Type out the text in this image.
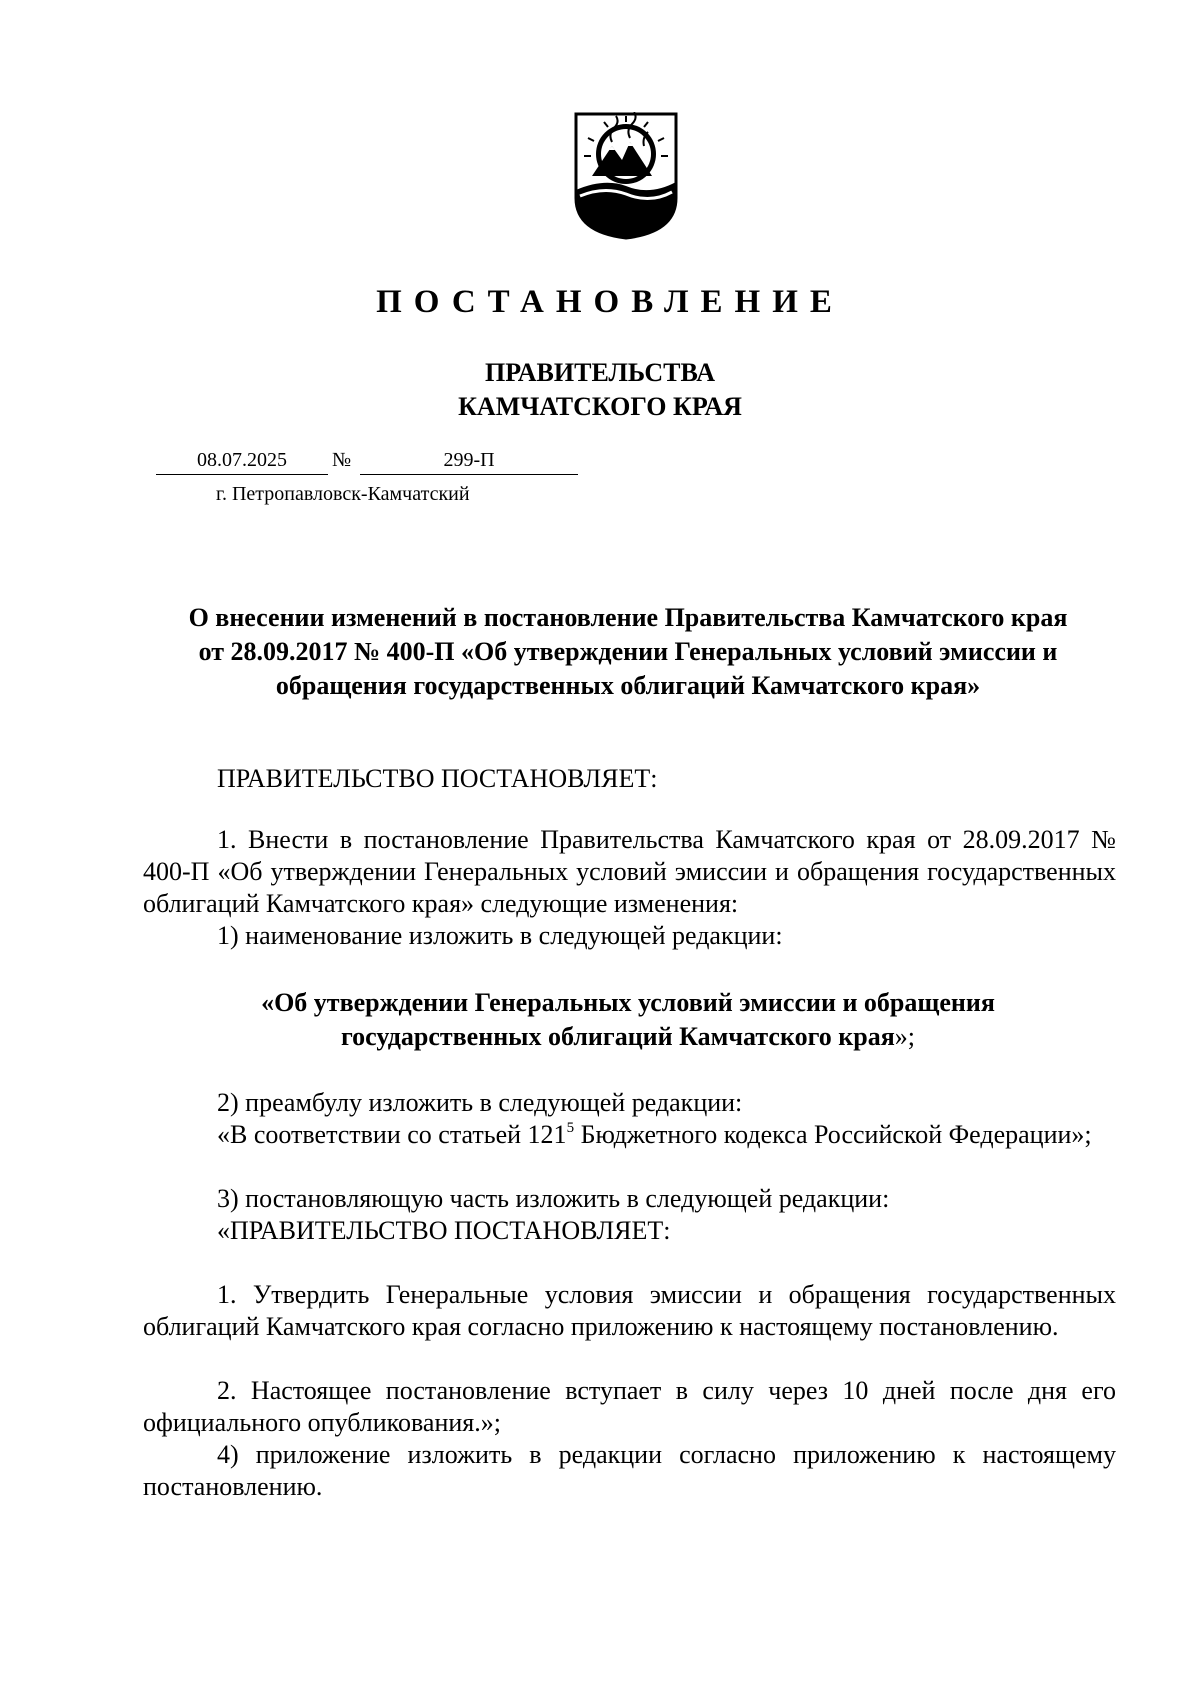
ПОСТАНОВЛЕНИЕ
ПРАВИТЕЛЬСТВА
КАМЧАТСКОГО КРАЯ
08.07.2025	№	299-П
г. Петропавловск-Камчатский
О внесении изменений в постановление Правительства Камчатского края
от 28.09.2017 № 400-П «Об утверждении Генеральных условий эмиссии и
обращения государственных облигаций Камчатского края»
ПРАВИТЕЛЬСТВО ПОСТАНОВЛЯЕТ:
1. Внести в постановление Правительства Камчатского края от 28.09.2017 № 400-П «Об утверждении Генеральных условий эмиссии и обращения государственных облигаций Камчатского края» следующие изменения:
1) наименование изложить в следующей редакции:
«Об утверждении Генеральных условий эмиссии и обращения
государственных облигаций Камчатского края»;
2) преамбулу изложить в следующей редакции:
«В соответствии со статьей $121^5$ Бюджетного кодекса Российской Федерации»;
3) постановляющую часть изложить в следующей редакции:
«ПРАВИТЕЛЬСТВО ПОСТАНОВЛЯЕТ:
1. Утвердить Генеральные условия эмиссии и обращения государственных облигаций Камчатского края согласно приложению к настоящему постановлению.
2. Настоящее постановление вступает в силу через 10 дней после дня его официального опубликования.»;
4) приложение изложить в редакции согласно приложению к настоящему постановлению.
